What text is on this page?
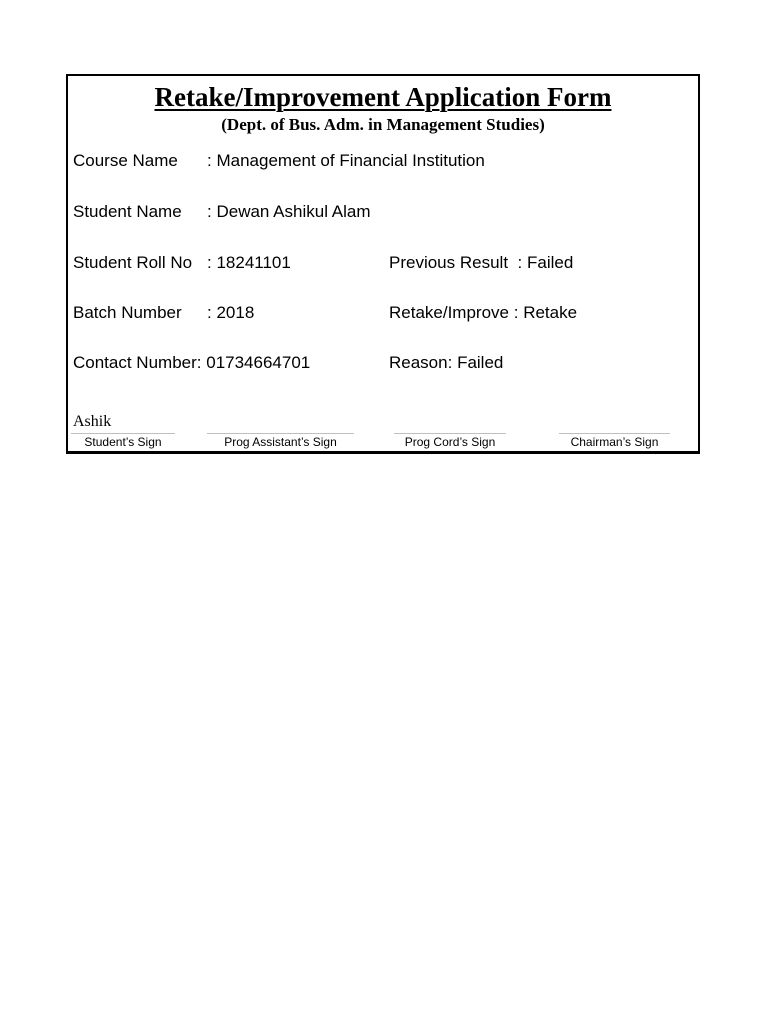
Retake/Improvement Application Form
(Dept. of Bus. Adm. in Management Studies)
Course Name : Management of Financial Institution
Student Name : Dewan Ashikul Alam
Student Roll No : 18241101	Previous Result : Failed
Batch Number : 2018	Retake/Improve : Retake
Contact Number: 01734664701	Reason: Failed
Ashik
Student’s Sign	Prog Assistant’s Sign	Prog Cord’s Sign	Chairman’s Sign
